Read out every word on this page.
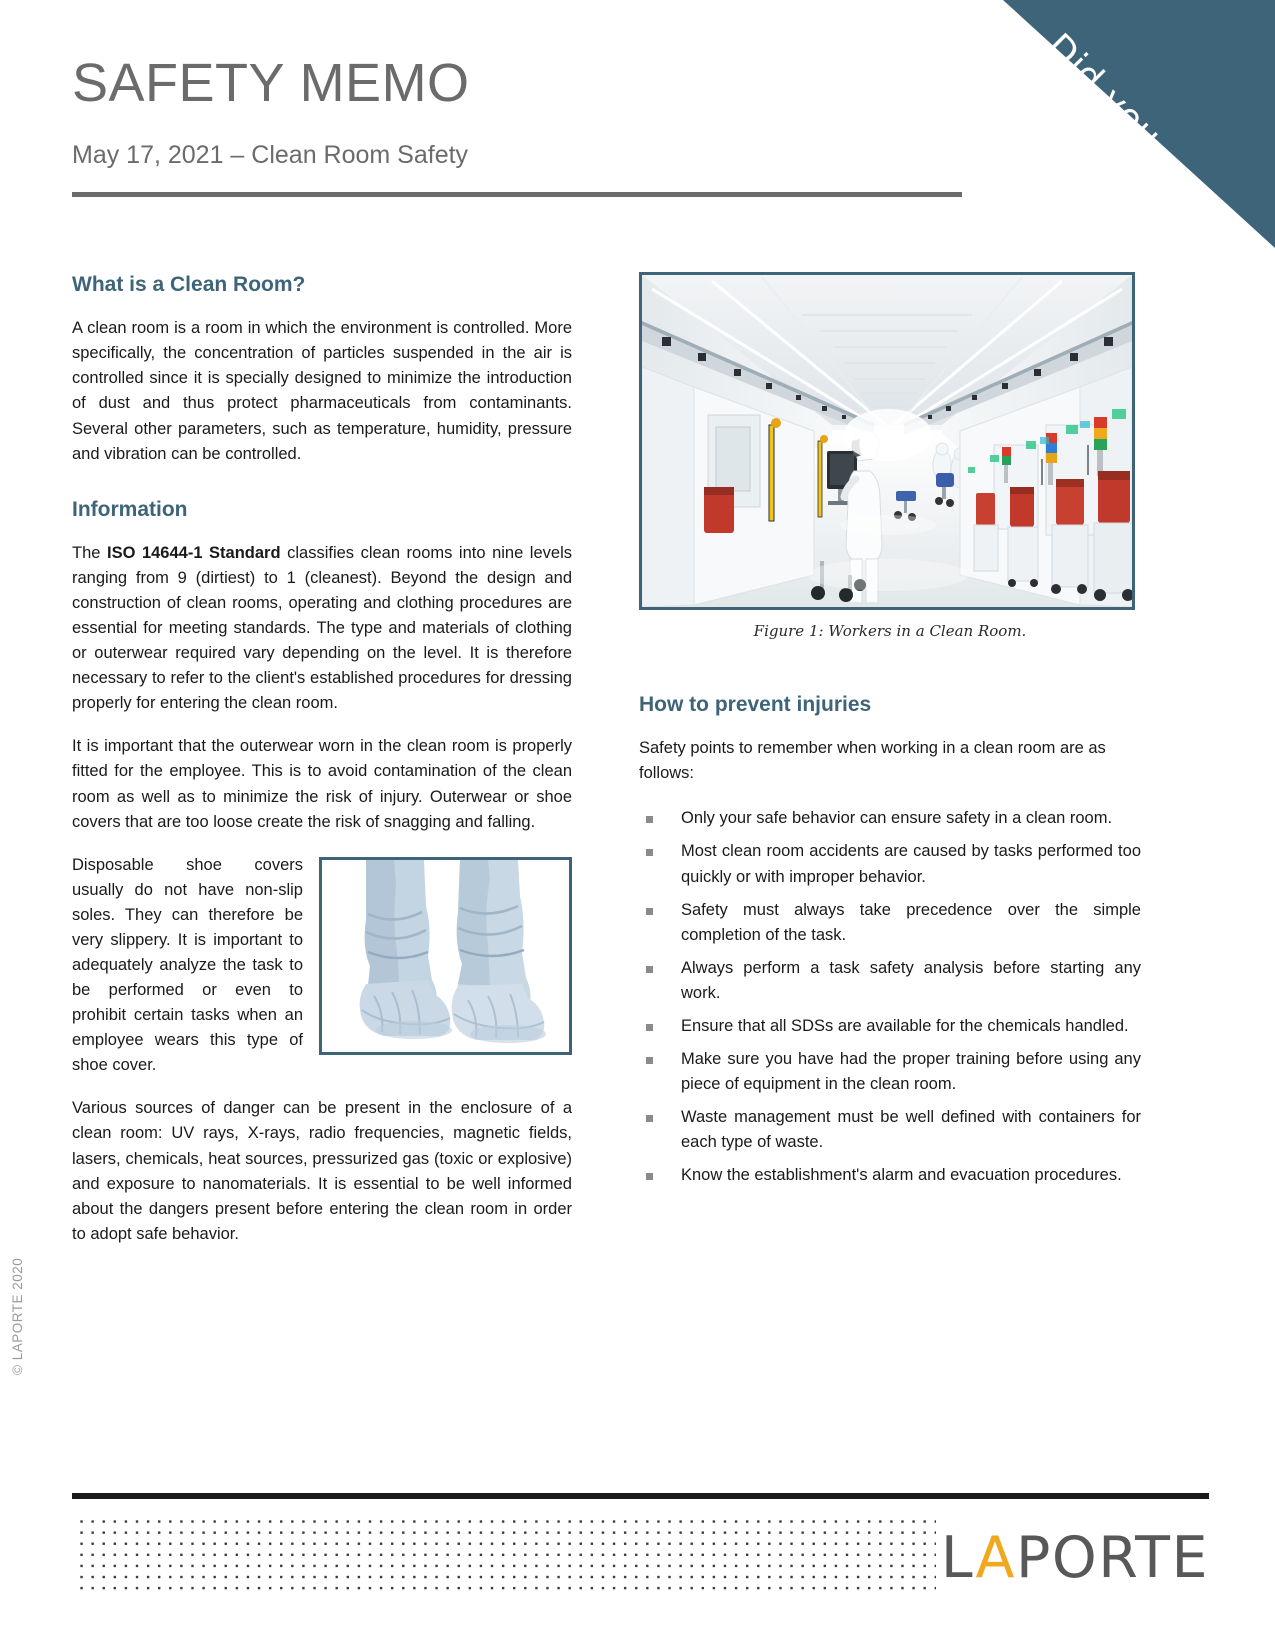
Did you
know?
SAFETY MEMO

May 17, 2021 – Clean Room Safety

What is a Clean Room?

A clean room is a room in which the environment is controlled. More specifically, the concentration of particles suspended in the air is controlled since it is specially designed to minimize the introduction of dust and thus protect pharmaceuticals from contaminants. Several other parameters, such as temperature, humidity, pressure and vibration can be controlled.

Information

The ISO 14644-1 Standard classifies clean rooms into nine levels ranging from 9 (dirtiest) to 1 (cleanest). Beyond the design and construction of clean rooms, operating and clothing procedures are essential for meeting standards. The type and materials of clothing or outerwear required vary depending on the level. It is therefore necessary to refer to the client's established procedures for dressing properly for entering the clean room.

It is important that the outerwear worn in the clean room is properly fitted for the employee. This is to avoid contamination of the clean room as well as to minimize the risk of injury. Outerwear or shoe covers that are too loose create the risk of snagging and falling.

Disposable shoe covers usually do not have non-slip soles. They can therefore be very slippery. It is important to adequately analyze the task to be performed or even to prohibit certain tasks when an employee wears this type of shoe cover.

Various sources of danger can be present in the enclosure of a clean room: UV rays, X-rays, radio frequencies, magnetic fields, lasers, chemicals, heat sources, pressurized gas (toxic or explosive) and exposure to nanomaterials. It is essential to be well informed about the dangers present before entering the clean room in order to adopt safe behavior.

Figure 1: Workers in a Clean Room.
How to prevent injuries

Safety points to remember when working in a clean room are as follows:

Only your safe behavior can ensure safety in a clean room.
Most clean room accidents are caused by tasks performed too quickly or with improper behavior.
Safety must always take precedence over the simple completion of the task.
Always perform a task safety analysis before starting any work.
Ensure that all SDSs are available for the chemicals handled.
Make sure you have had the proper training before using any piece of equipment in the clean room.
Waste management must be well defined with containers for each type of waste.
Know the establishment's alarm and evacuation procedures.
© LAPORTE 2020
LAPORTE
